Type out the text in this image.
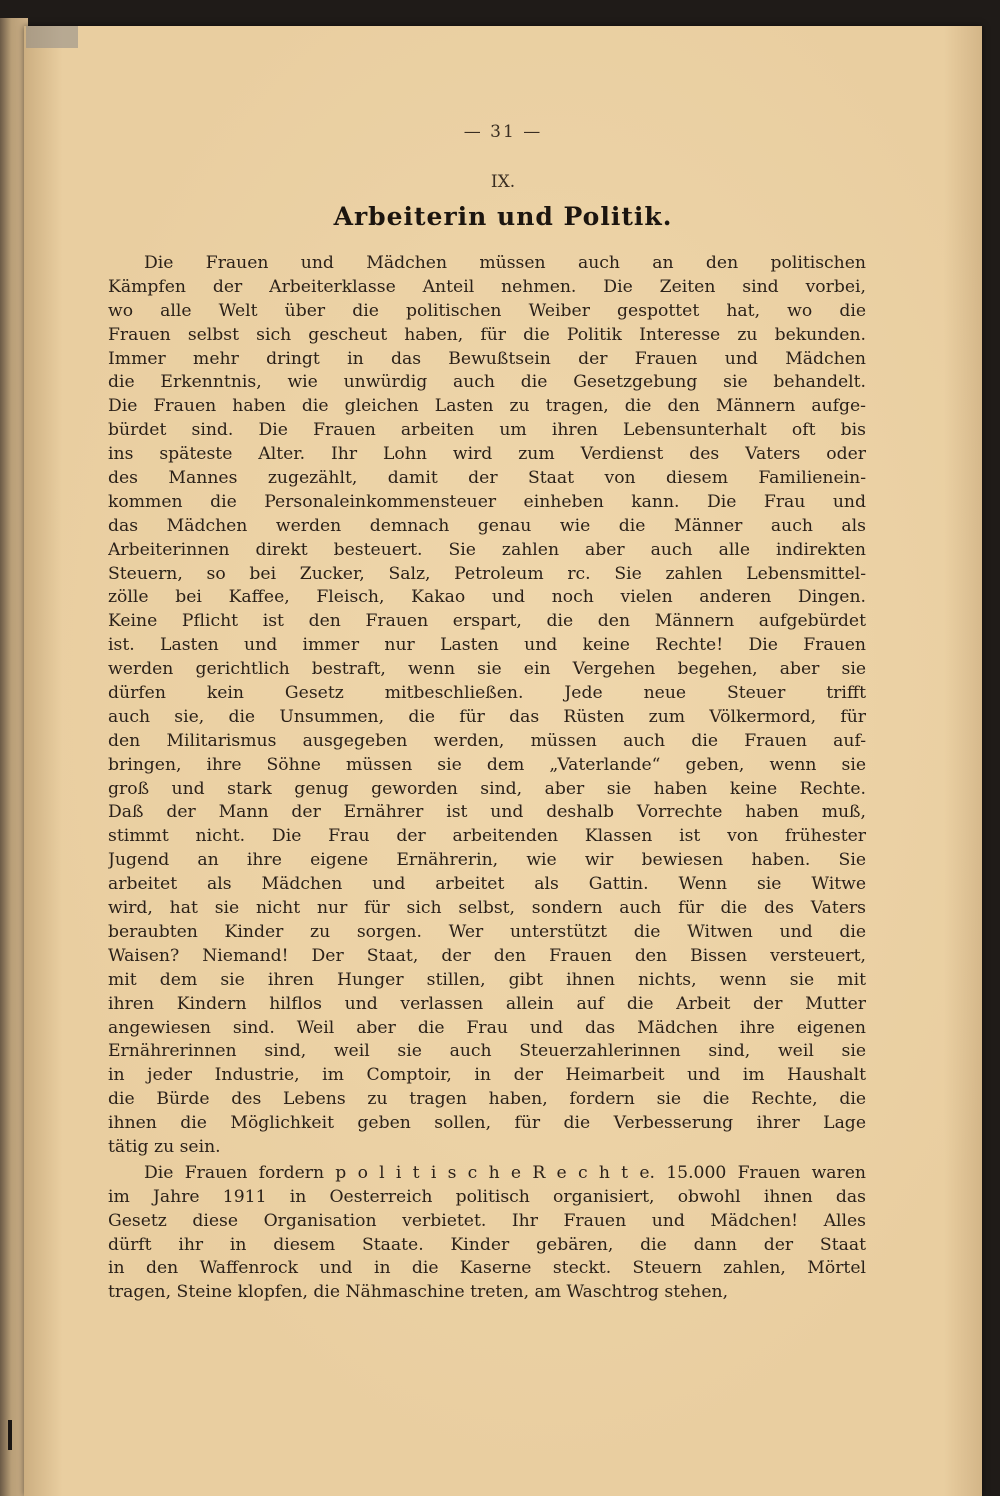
— 31 —
IX.
Arbeiterin und Politik.
Die Frauen und Mädchen müssen auch an den politischen
Kämpfen der Arbeiterklasse Anteil nehmen. Die Zeiten sind vorbei,
wo alle Welt über die politischen Weiber gespottet hat, wo die
Frauen selbst sich gescheut haben, für die Politik Interesse zu bekunden.
Immer mehr dringt in das Bewußtsein der Frauen und Mädchen
die Erkenntnis, wie unwürdig auch die Gesetzgebung sie behandelt.
Die Frauen haben die gleichen Lasten zu tragen, die den Männern aufge-
bürdet sind. Die Frauen arbeiten um ihren Lebensunterhalt oft bis
ins späteste Alter. Ihr Lohn wird zum Verdienst des Vaters oder
des Mannes zugezählt, damit der Staat von diesem Familienein-
kommen die Personaleinkommensteuer einheben kann. Die Frau und
das Mädchen werden demnach genau wie die Männer auch als
Arbeiterinnen direkt besteuert. Sie zahlen aber auch alle indirekten
Steuern, so bei Zucker, Salz, Petroleum rc. Sie zahlen Lebensmittel-
zölle bei Kaffee, Fleisch, Kakao und noch vielen anderen Dingen.
Keine Pflicht ist den Frauen erspart, die den Männern aufgebürdet
ist. Lasten und immer nur Lasten und keine Rechte! Die Frauen
werden gerichtlich bestraft, wenn sie ein Vergehen begehen, aber sie
dürfen kein Gesetz mitbeschließen. Jede neue Steuer trifft
auch sie, die Unsummen, die für das Rüsten zum Völkermord, für
den Militarismus ausgegeben werden, müssen auch die Frauen auf-
bringen, ihre Söhne müssen sie dem „Vaterlande“ geben, wenn sie
groß und stark genug geworden sind, aber sie haben keine Rechte.
Daß der Mann der Ernährer ist und deshalb Vorrechte haben muß,
stimmt nicht. Die Frau der arbeitenden Klassen ist von frühester
Jugend an ihre eigene Ernährerin, wie wir bewiesen haben. Sie
arbeitet als Mädchen und arbeitet als Gattin. Wenn sie Witwe
wird, hat sie nicht nur für sich selbst, sondern auch für die des Vaters
beraubten Kinder zu sorgen. Wer unterstützt die Witwen und die
Waisen? Niemand! Der Staat, der den Frauen den Bissen versteuert,
mit dem sie ihren Hunger stillen, gibt ihnen nichts, wenn sie mit
ihren Kindern hilflos und verlassen allein auf die Arbeit der Mutter
angewiesen sind. Weil aber die Frau und das Mädchen ihre eigenen
Ernährerinnen sind, weil sie auch Steuerzahlerinnen sind, weil sie
in jeder Industrie, im Comptoir, in der Heimarbeit und im Haushalt
die Bürde des Lebens zu tragen haben, fordern sie die Rechte, die
ihnen die Möglichkeit geben sollen, für die Verbesserung ihrer Lage
tätig zu sein.
Die Frauen fordern p o l i t i s c h e R e c h t e. 15.000 Frauen waren
im Jahre 1911 in Oesterreich politisch organisiert, obwohl ihnen das
Gesetz diese Organisation verbietet. Ihr Frauen und Mädchen! Alles
dürft ihr in diesem Staate. Kinder gebären, die dann der Staat
in den Waffenrock und in die Kaserne steckt. Steuern zahlen, Mörtel
tragen, Steine klopfen, die Nähmaschine treten, am Waschtrog stehen,
